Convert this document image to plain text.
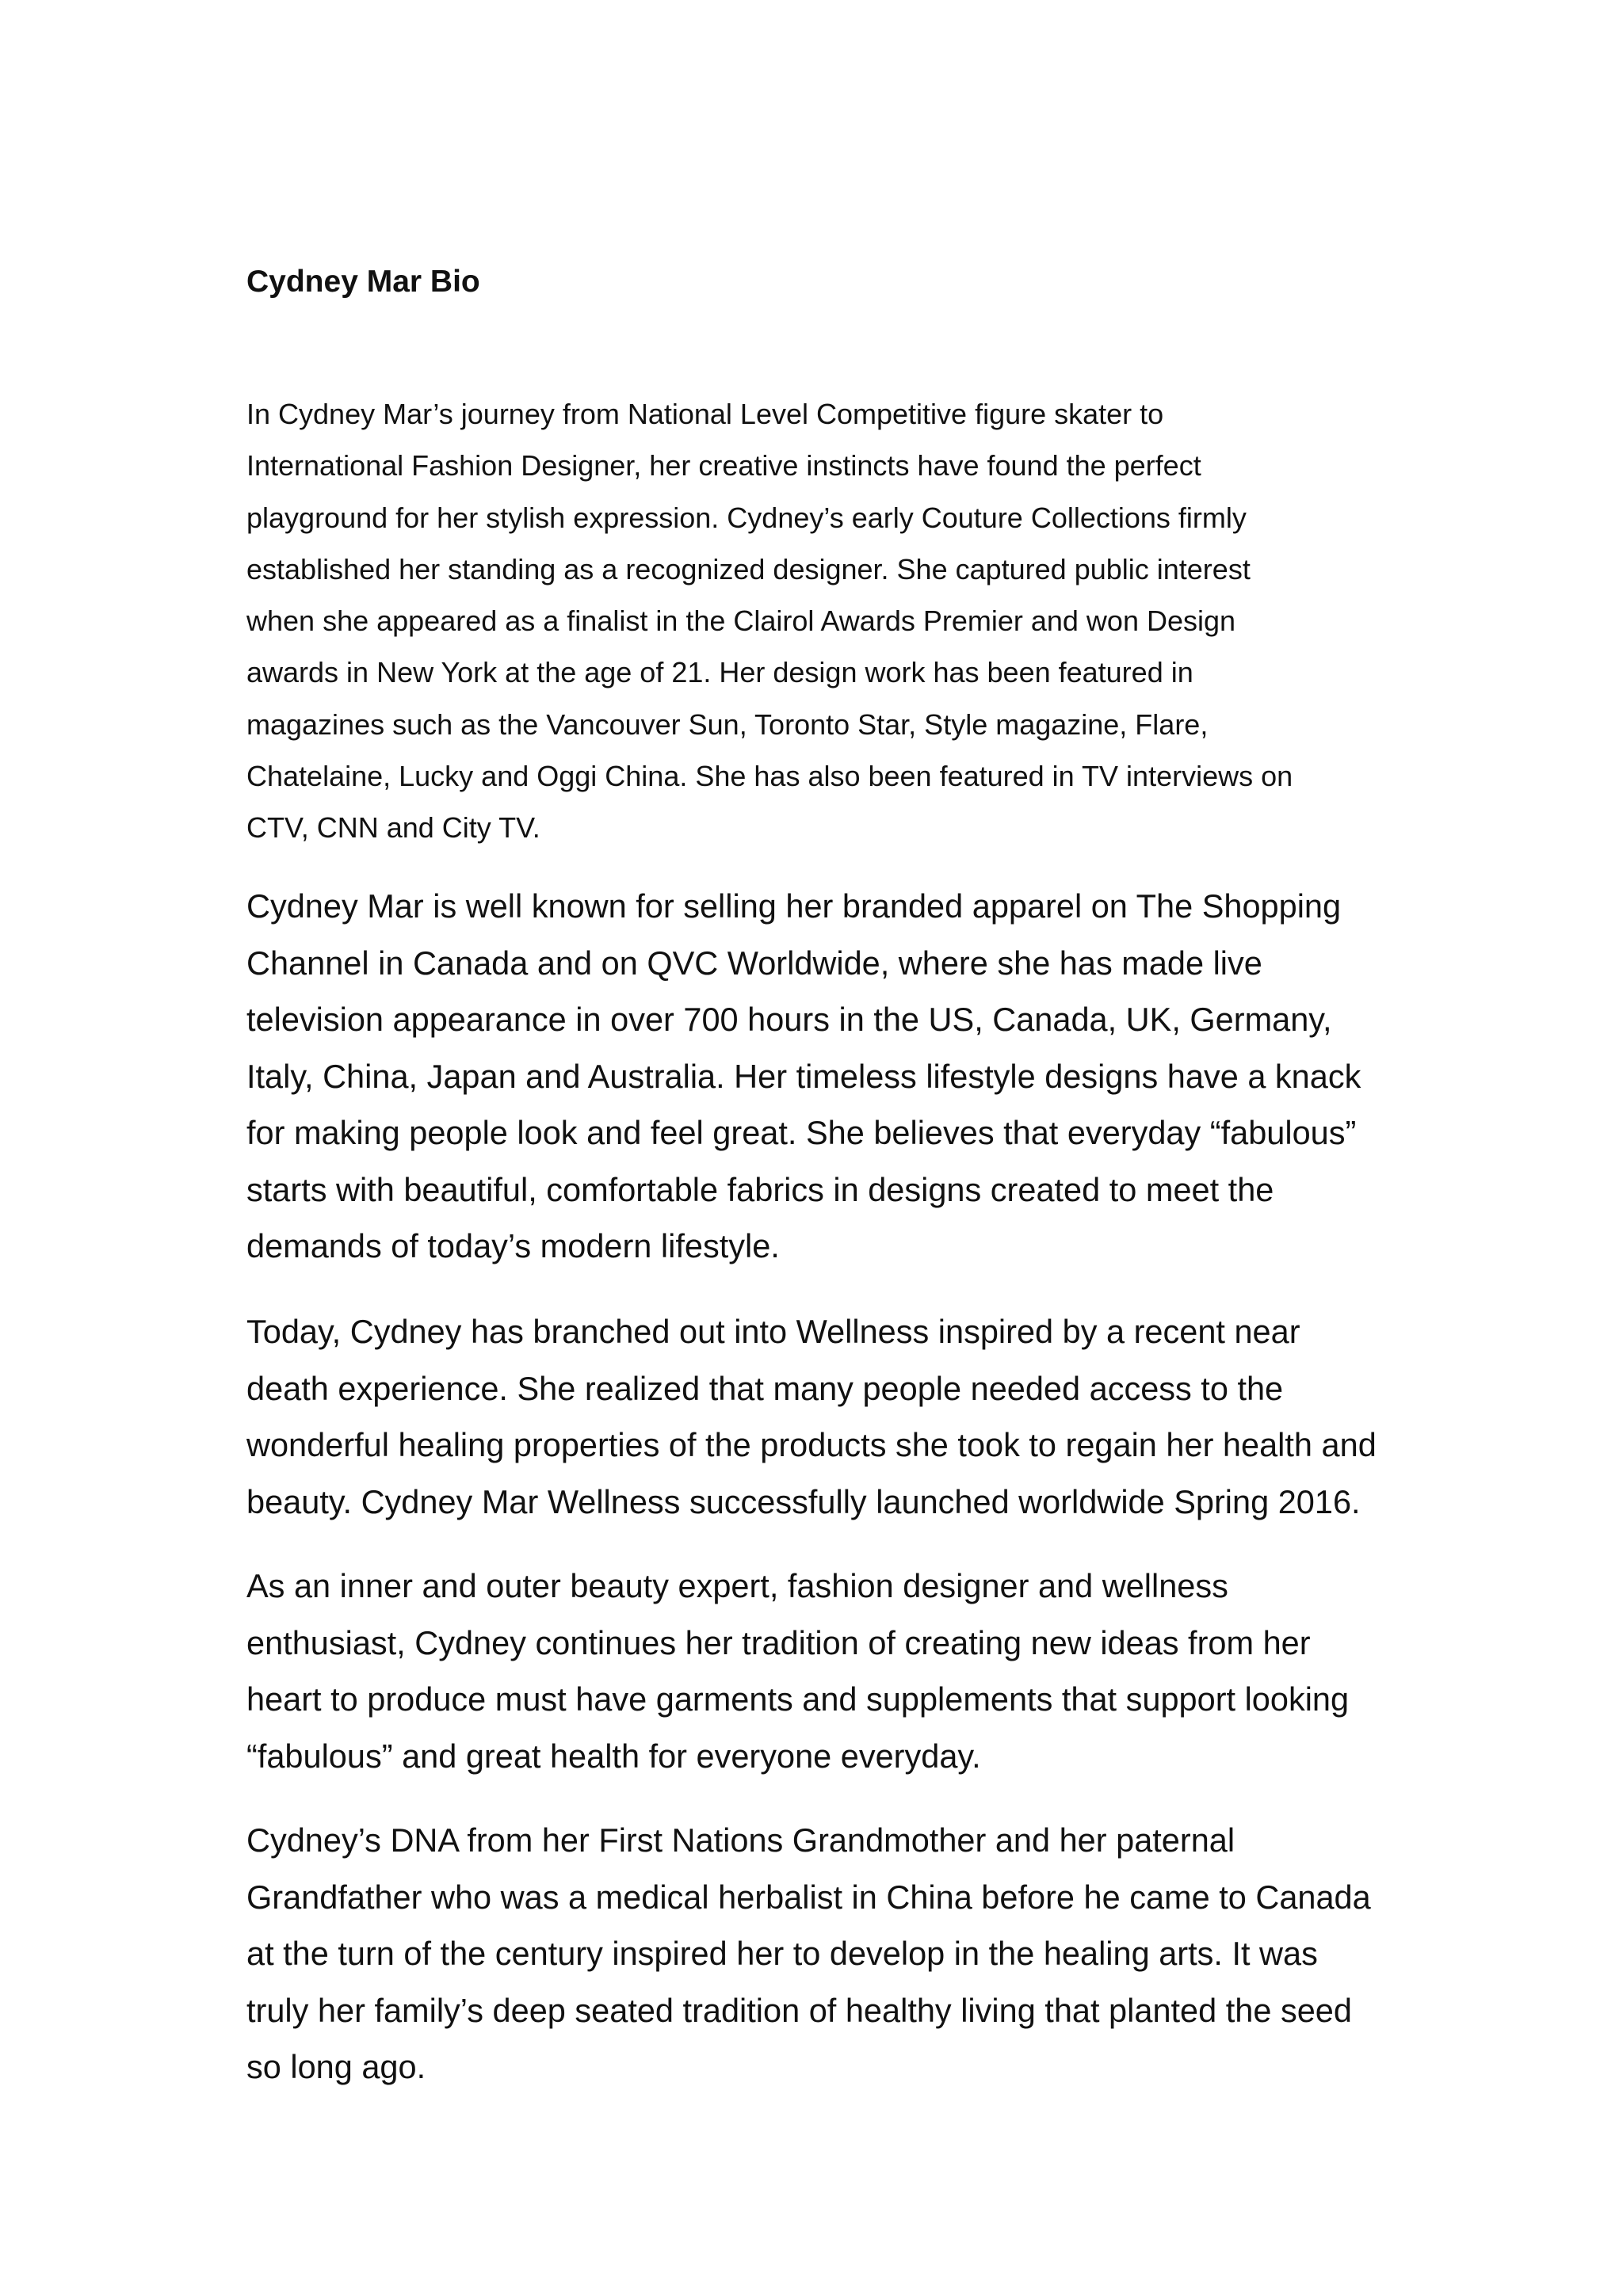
Cydney Mar Bio

In Cydney Mar’s journey from National Level Competitive figure skater to
International Fashion Designer, her creative instincts have found the perfect
playground for her stylish expression. Cydney’s early Couture Collections firmly
established her standing as a recognized designer. She captured public interest
when she appeared as a finalist in the Clairol Awards Premier and won Design
awards in New York at the age of 21. Her design work has been featured in
magazines such as the Vancouver Sun, Toronto Star, Style magazine, Flare,
Chatelaine, Lucky and Oggi China. She has also been featured in TV interviews on
CTV, CNN and City TV.

Cydney Mar is well known for selling her branded apparel on The Shopping
Channel in Canada and on QVC Worldwide, where she has made live
television appearance in over 700 hours in the US, Canada, UK, Germany,
Italy, China, Japan and Australia. Her timeless lifestyle designs have a knack
for making people look and feel great. She believes that everyday “fabulous”
starts with beautiful, comfortable fabrics in designs created to meet the
demands of today’s modern lifestyle.

Today, Cydney has branched out into Wellness inspired by a recent near
death experience. She realized that many people needed access to the
wonderful healing properties of the products she took to regain her health and
beauty. Cydney Mar Wellness successfully launched worldwide Spring 2016.

As an inner and outer beauty expert, fashion designer and wellness
enthusiast, Cydney continues her tradition of creating new ideas from her
heart to produce must have garments and supplements that support looking
“fabulous” and great health for everyone everyday.

Cydney’s DNA from her First Nations Grandmother and her paternal
Grandfather who was a medical herbalist in China before he came to Canada
at the turn of the century inspired her to develop in the healing arts. It was
truly her family’s deep seated tradition of healthy living that planted the seed
so long ago.
